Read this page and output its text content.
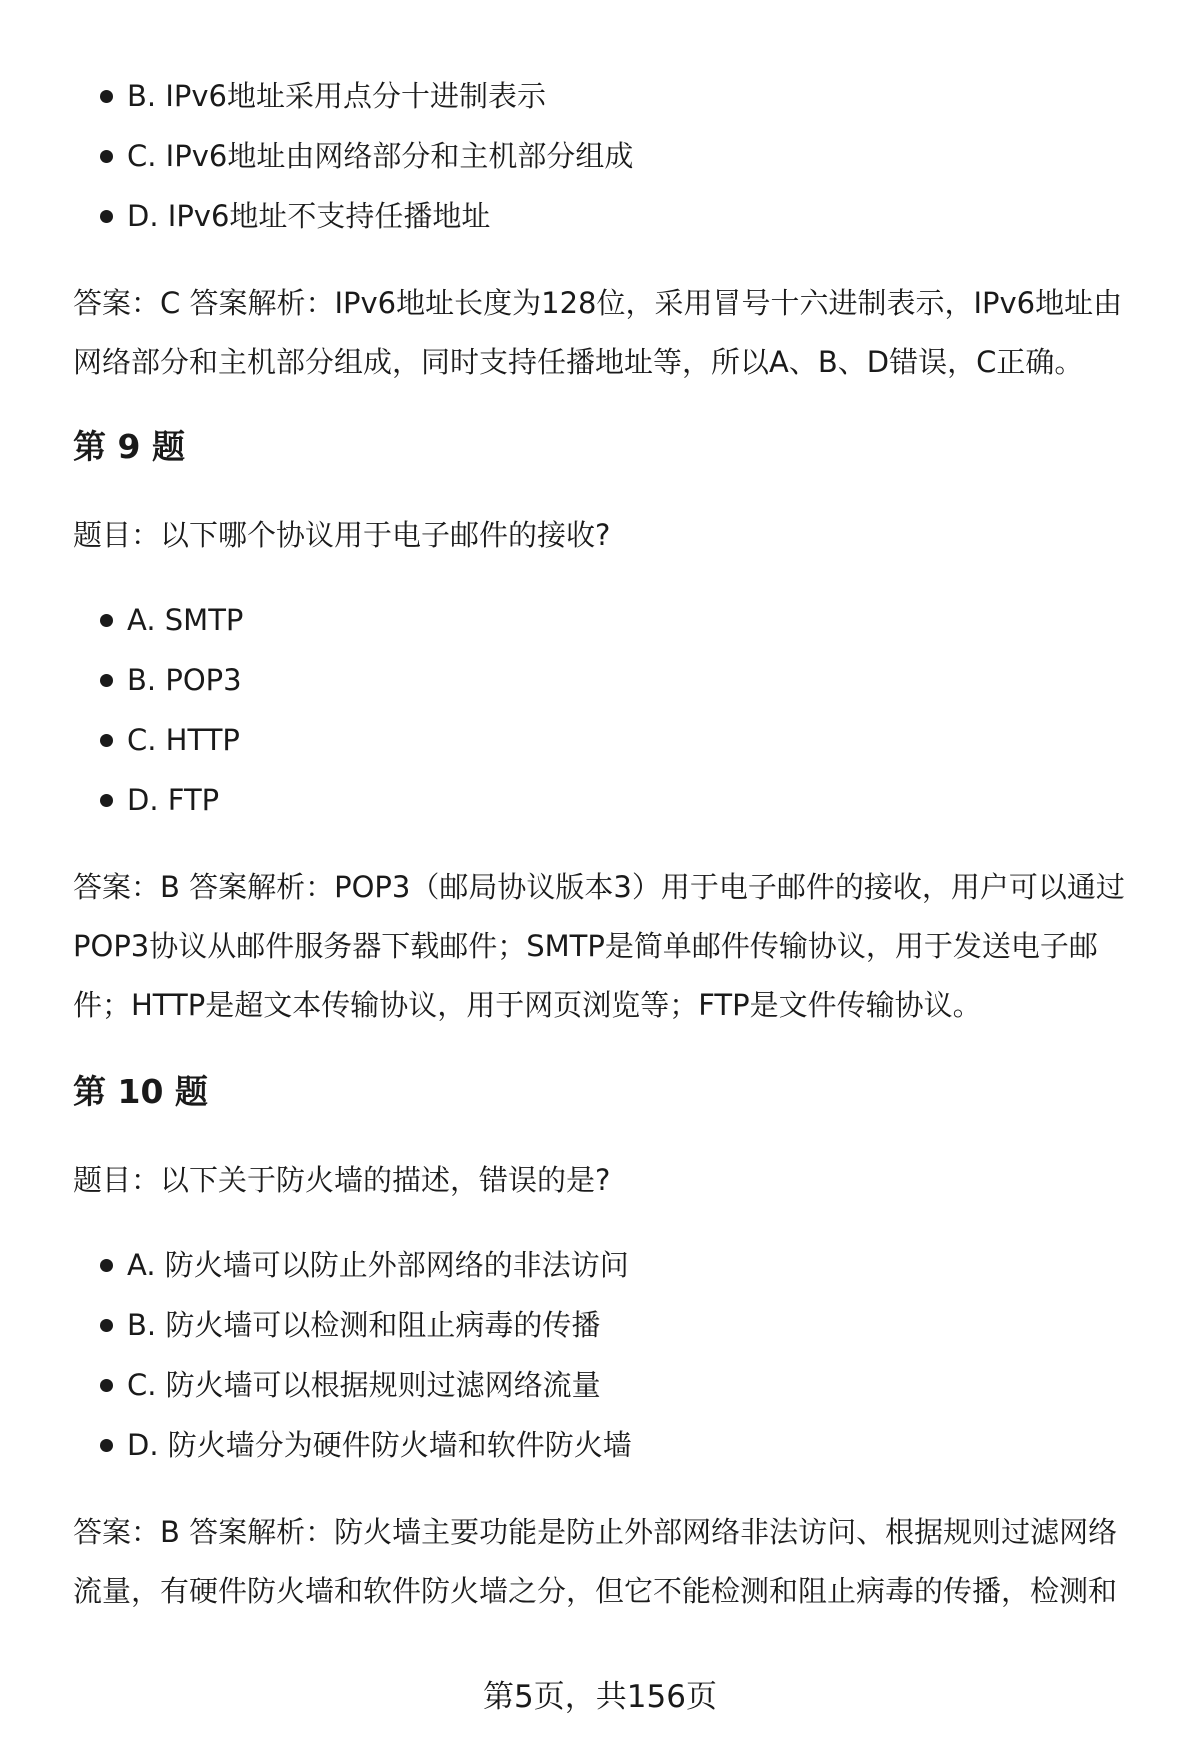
B. IPv6地址采用点分十进制表示
C. IPv6地址由网络部分和主机部分组成
D. IPv6地址不支持任播地址

答案：C 答案解析：IPv6地址长度为128位，采用冒号十六进制表示，IPv6地址由

网络部分和主机部分组成，同时支持任播地址等，所以A、B、D错误，C正确。

第 9 题

题目：以下哪个协议用于电子邮件的接收?

A. SMTP
B. POP3
C. HTTP
D. FTP

答案：B 答案解析：POP3（邮局协议版本3）用于电子邮件的接收，用户可以通过

POP3协议从邮件服务器下载邮件；SMTP是简单邮件传输协议，用于发送电子邮

件；HTTP是超文本传输协议，用于网页浏览等；FTP是文件传输协议。

第 10 题

题目：以下关于防火墙的描述，错误的是?

A. 防火墙可以防止外部网络的非法访问
B. 防火墙可以检测和阻止病毒的传播
C. 防火墙可以根据规则过滤网络流量
D. 防火墙分为硬件防火墙和软件防火墙

答案：B 答案解析：防火墙主要功能是防止外部网络非法访问、根据规则过滤网络

流量，有硬件防火墙和软件防火墙之分，但它不能检测和阻止病毒的传播，检测和

第5页，共156页
